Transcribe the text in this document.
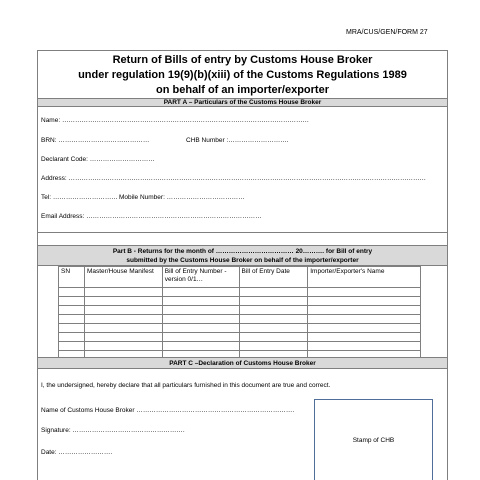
MRA/CUS/GEN/FORM 27
Return of Bills of entry by Customs House Broker
under regulation 19(9)(b)(xiii) of the Customs Regulations 1989
on behalf of an importer/exporter
PART A – Particulars of the Customs House Broker
Name: ……………………………………………………………………………………………………
BRN: ……………………………………	CHB Number :……………………….
Declarant Code: …………………………
Address: …………………………………………………………………………………………………………………………………………………
Tel: ………………………… Mobile Number: ………………………………
Email Address: ………………………………………………………………………
Part B - Returns for the month of ……………………………… 20………. for Bill of entry
submitted by the Customs House Broker on behalf of the importer/exporter
SN	Master/House Manifest	Bill of Entry Number -version 0/1…	Bill of Entry Date	Importer/Exporter's Name

PART C –Declaration of Customs House Broker
I, the undersigned, hereby declare that all particulars furnished in this document are true and correct.
Name of Customs House Broker ……………………………………………………………….
Signature: …………………………………………….
Date: …………………….
Stamp of CHB
